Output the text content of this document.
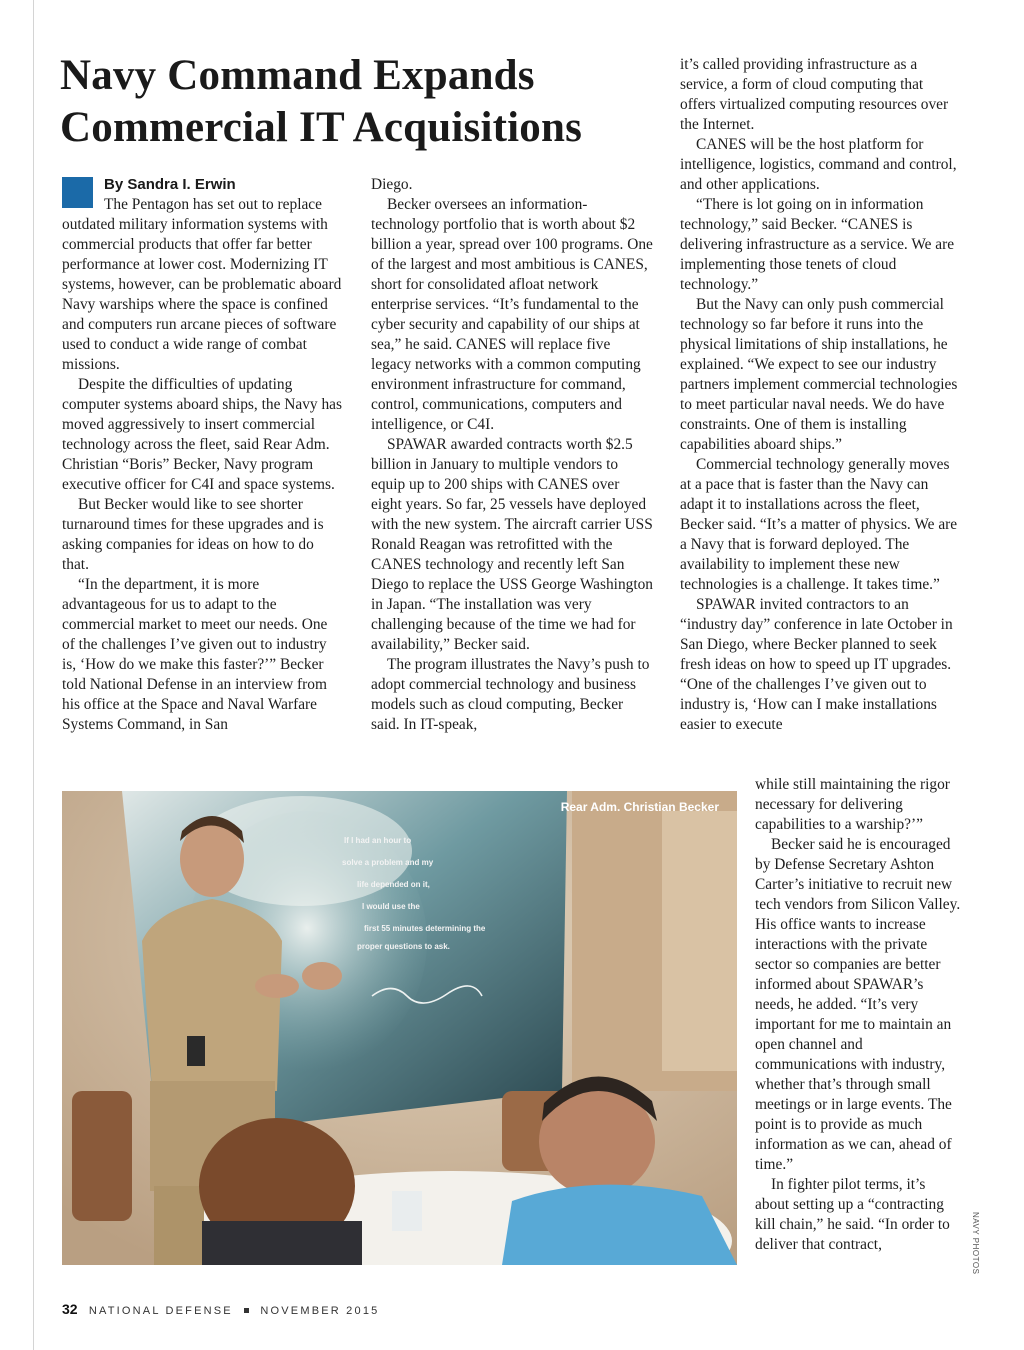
Navy Command Expands Commercial IT Acquisitions
By Sandra I. Erwin

The Pentagon has set out to replace outdated military information systems with commercial products that offer far better performance at lower cost. Modernizing IT systems, however, can be problematic aboard Navy warships where the space is confined and computers run arcane pieces of software used to conduct a wide range of combat missions.

Despite the difficulties of updating computer systems aboard ships, the Navy has moved aggressively to insert commercial technology across the fleet, said Rear Adm. Christian “Boris” Becker, Navy program executive officer for C4I and space systems.

But Becker would like to see shorter turnaround times for these upgrades and is asking companies for ideas on how to do that.

“In the department, it is more advantageous for us to adapt to the commercial market to meet our needs. One of the challenges I’ve given out to industry is, ‘How do we make this faster?’” Becker told National Defense in an interview from his office at the Space and Naval Warfare Systems Command, in San

Diego.

Becker oversees an information-technology portfolio that is worth about $2 billion a year, spread over 100 programs. One of the largest and most ambitious is CANES, short for consolidated afloat network enterprise services. “It’s fundamental to the cyber security and capability of our ships at sea,” he said. CANES will replace five legacy networks with a common computing environment infrastructure for command, control, communications, computers and intelligence, or C4I.

SPAWAR awarded contracts worth $2.5 billion in January to multiple vendors to equip up to 200 ships with CANES over eight years. So far, 25 vessels have deployed with the new system. The aircraft carrier USS Ronald Reagan was retrofitted with the CANES technology and recently left San Diego to replace the USS George Washington in Japan. “The installation was very challenging because of the time we had for availability,” Becker said.

The program illustrates the Navy’s push to adopt commercial technology and business models such as cloud computing, Becker said. In IT-speak,

it’s called providing infrastructure as a service, a form of cloud computing that offers virtualized computing resources over the Internet.

CANES will be the host platform for intelligence, logistics, command and control, and other applications.

“There is lot going on in information technology,” said Becker. “CANES is delivering infrastructure as a service. We are implementing those tenets of cloud technology.”

But the Navy can only push commercial technology so far before it runs into the physical limitations of ship installations, he explained. “We expect to see our industry partners implement commercial technologies to meet particular naval needs. We do have constraints. One of them is installing capabilities aboard ships.”

Commercial technology generally moves at a pace that is faster than the Navy can adapt it to installations across the fleet, Becker said. “It’s a matter of physics. We are a Navy that is forward deployed. The availability to implement these new technologies is a challenge. It takes time.”

SPAWAR invited contractors to an “industry day” conference in late October in San Diego, where Becker planned to seek fresh ideas on how to speed up IT upgrades. “One of the challenges I’ve given out to industry is, ‘How can I make installations easier to execute

while still maintaining the rigor necessary for delivering capabilities to a warship?’”

Becker said he is encouraged by Defense Secretary Ashton Carter’s initiative to recruit new tech vendors from Silicon Valley. His office wants to increase interactions with the private sector so companies are better informed about SPAWAR’s needs, he added. “It’s very important for me to maintain an open channel and communications with industry, whether that’s through small meetings or in large events. The point is to provide as much information as we can, ahead of time.”

In fighter pilot terms, it’s about setting up a “contracting kill chain,” he said. “In order to deliver that contract,

If I had an hour to
solve a problem and my
life depended on it,
I would use the
first 55 minutes determining the
proper questions to ask.
Rear Adm. Christian Becker
NAVY PHOTOS
32 NATIONAL DEFENSE	NOVEMBER 2015
